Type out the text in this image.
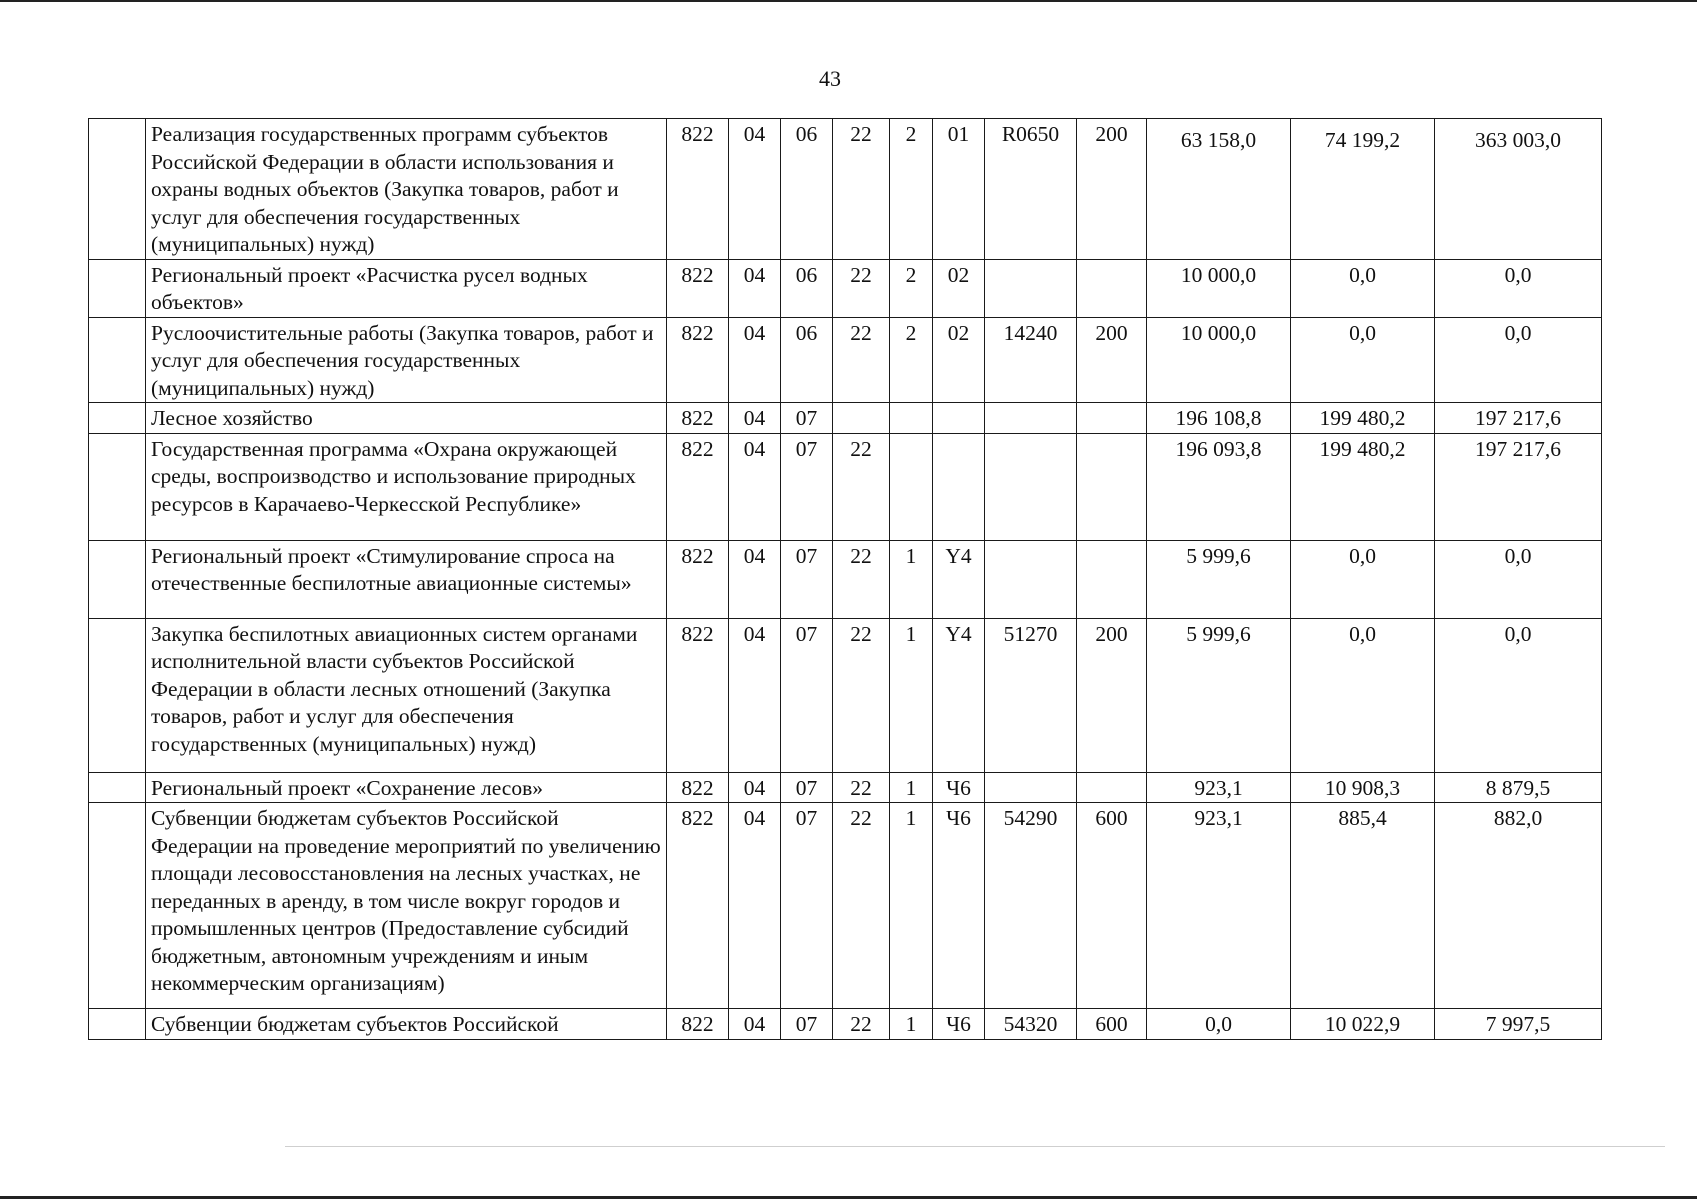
43
	Реализация государственных программ субъектов Российской Федерации в области использования и охраны водных объектов (Закупка товаров, работ и услуг для обеспечения государственных (муниципальных) нужд)	822	04	06	22	2	01	R0650	200	63 158,0	74 199,2	363 003,0
	Региональный проект «Расчистка русел водных объектов»	822	04	06	22	2	02			10 000,0	0,0	0,0
	Руслоочистительные работы (Закупка товаров, работ и услуг для обеспечения государственных (муниципальных) нужд)	822	04	06	22	2	02	14240	200	10 000,0	0,0	0,0
	Лесное хозяйство	822	04	07						196 108,8	199 480,2	197 217,6
	Государственная программа «Охрана окружающей среды, воспроизводство и использование природных ресурсов в Карачаево-Черкесской Республике»	822	04	07	22					196 093,8	199 480,2	197 217,6
	Региональный проект «Стимулирование спроса на отечественные беспилотные авиационные системы»	822	04	07	22	1	Y4			5 999,6	0,0	0,0
	Закупка беспилотных авиационных систем органами исполнительной власти субъектов Российской Федерации в области лесных отношений (Закупка товаров, работ и услуг для обеспечения государственных (муниципальных) нужд)	822	04	07	22	1	Y4	51270	200	5 999,6	0,0	0,0
	Региональный проект «Сохранение лесов»	822	04	07	22	1	Ч6			923,1	10 908,3	8 879,5
	Субвенции бюджетам субъектов Российской Федерации на проведение мероприятий по увеличению площади лесовосстановления на лесных участках, не переданных в аренду, в том числе вокруг городов и промышленных центров (Предоставление субсидий бюджетным, автономным учреждениям и иным некоммерческим организациям)	822	04	07	22	1	Ч6	54290	600	923,1	885,4	882,0
	Субвенции бюджетам субъектов Российской	822	04	07	22	1	Ч6	54320	600	0,0	10 022,9	7 997,5
